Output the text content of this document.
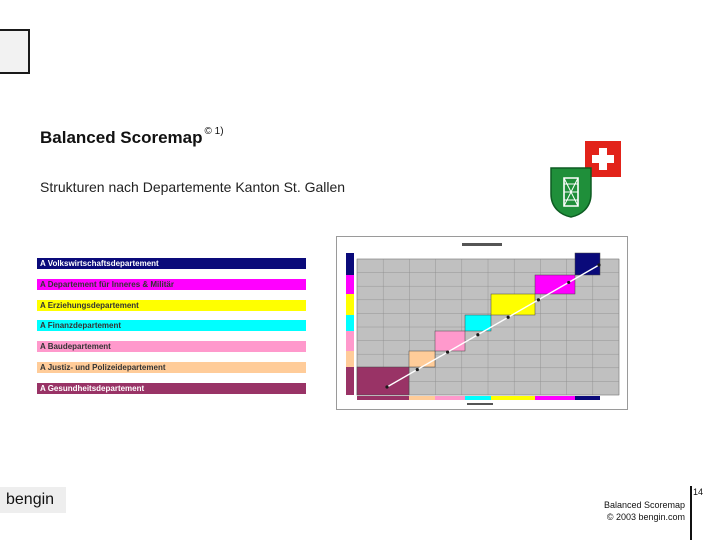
Balanced Scoremap $^{© 1)}$
Strukturen nach Departemente Kanton St. Gallen
A Volkswirtschaftsdepartement
A Departement für Inneres & Militär
A Erziehungsdepartement
A Finanzdepartement
A Baudepartement
A Justiz- und Polizeidepartement
A Gesundheitsdepartement
bengin	Balanced Scoremap
© 2003 bengin.com
14
